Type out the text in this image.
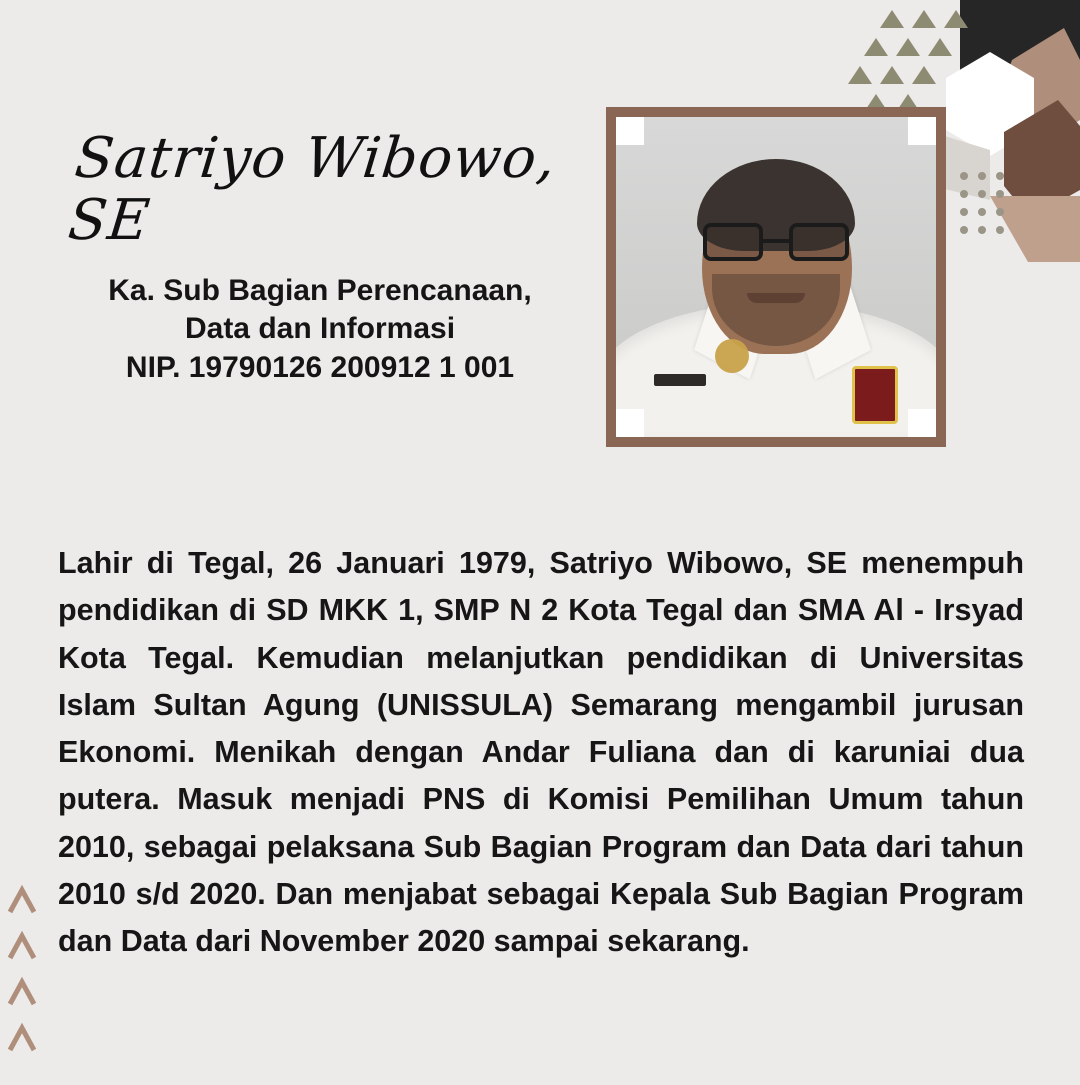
Satriyo Wibowo, SE
Ka. Sub Bagian Perencanaan,
Data dan Informasi
NIP. 19790126 200912 1 001
Lahir di Tegal, 26 Januari 1979, Satriyo Wibowo, SE menempuh pendidikan di SD MKK 1, SMP N 2 Kota Tegal dan SMA Al - Irsyad Kota Tegal. Kemudian melanjutkan pendidikan di Universitas Islam Sultan Agung (UNISSULA) Semarang mengambil jurusan Ekonomi. Menikah dengan Andar Fuliana dan di karuniai dua putera. Masuk menjadi PNS di Komisi Pemilihan Umum tahun 2010, sebagai pelaksana Sub Bagian Program dan Data dari tahun 2010 s/d 2020. Dan menjabat sebagai Kepala Sub Bagian Program dan Data dari November 2020 sampai sekarang.
